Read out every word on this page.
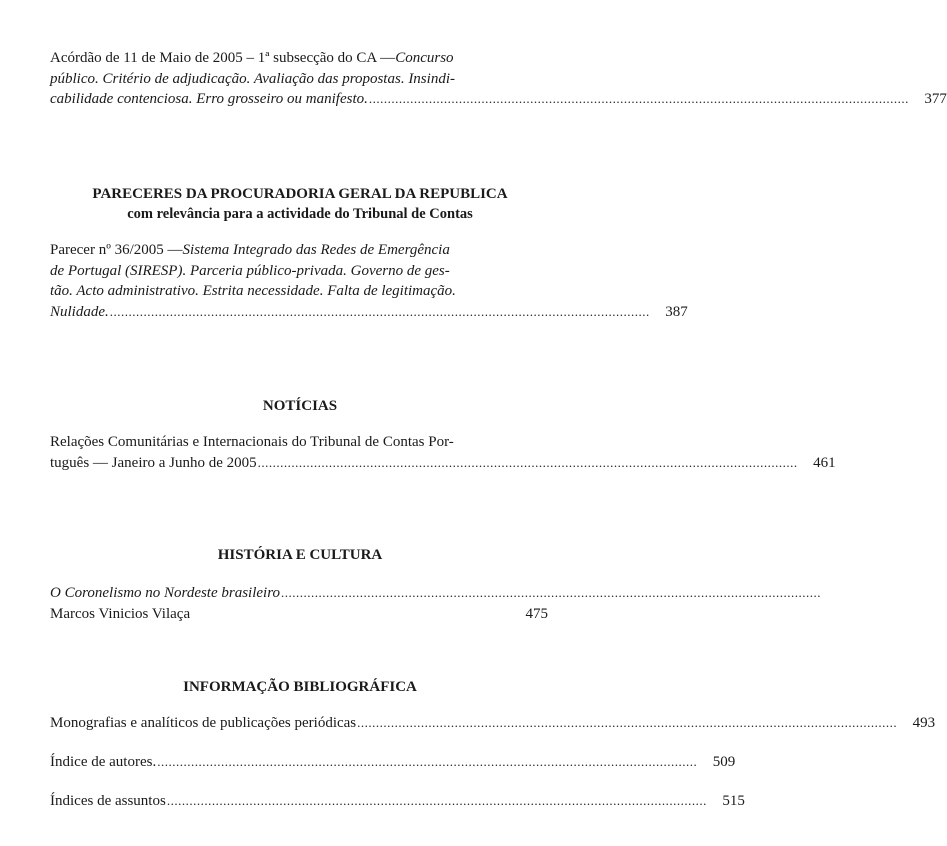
Acórdão de 11 de Maio de 2005 – 1ª subsecção do CA — Concurso
público. Critério de adjudicação. Avaliação das propostas. Insindi-
cabilidade contenciosa. Erro grosseiro ou manifesto. ................................................................................................................................................	377
PARECERES DA PROCURADORIA GERAL DA REPUBLICA
com relevância para a actividade do Tribunal de Contas
Parecer nº 36/2005 — Sistema Integrado das Redes de Emergência
de Portugal (SIRESP). Parceria público-privada. Governo de ges-
tão. Acto administrativo. Estrita necessidade. Falta de legitimação.
Nulidade. ................................................................................................................................................	387
NOTÍCIAS
Relações Comunitárias e Internacionais do Tribunal de Contas Por-
tuguês — Janeiro a Junho de 2005 ................................................................................................................................................	461
HISTÓRIA E CULTURA
O Coronelismo no Nordeste brasileiro ................................................................................................................................................
Marcos Vinicios Vilaça	475
INFORMAÇÃO BIBLIOGRÁFICA
Monografias e analíticos de publicações periódicas ................................................................................................................................................	493
Índice de autores. ................................................................................................................................................	509
Índices de assuntos ................................................................................................................................................	515
